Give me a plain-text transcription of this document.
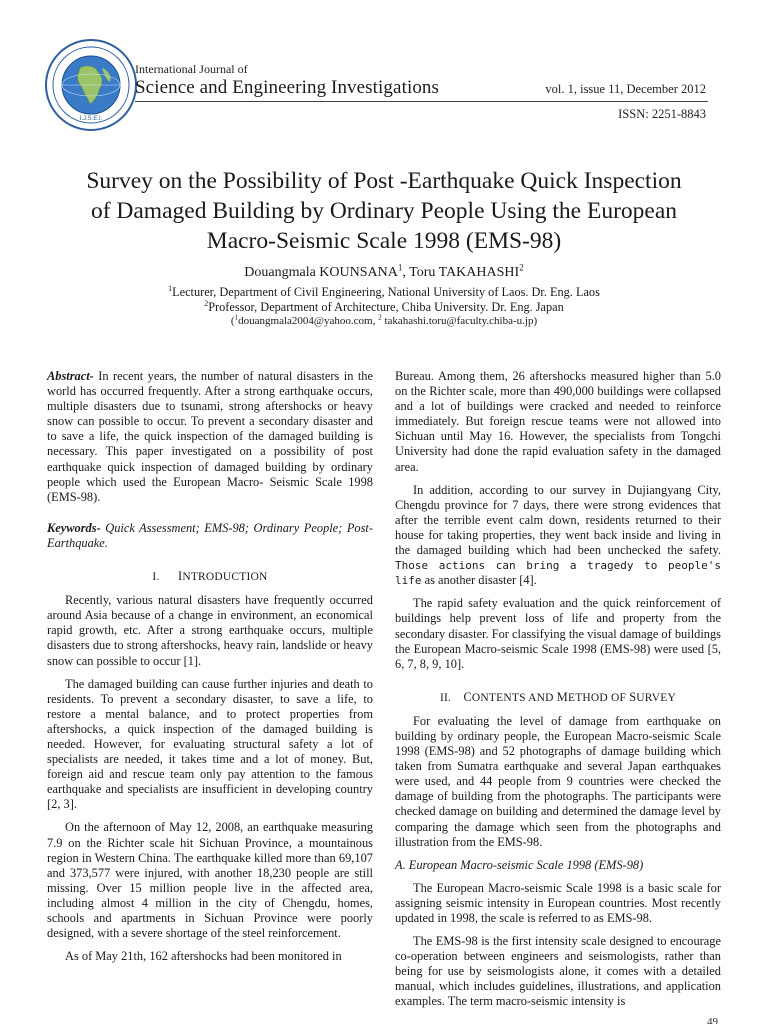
I.J.S.E.I.
International Journal of
Science and Engineering Investigations	vol. 1, issue 11, December 2012
ISSN: 2251-8843
Survey on the Possibility of Post -Earthquake Quick Inspection
of Damaged Building by Ordinary People Using the European
Macro-Seismic Scale 1998 (EMS-98)
Douangmala KOUNSANA$^1$, Toru TAKAHASHI$^2$
$^1$Lecturer, Department of Civil Engineering, National University of Laos. Dr. Eng. Laos
$^2$Professor, Department of Architecture, Chiba University. Dr. Eng. Japan
($^1$douangmala2004@yahoo.com, $^2$ takahashi.toru@faculty.chiba-u.jp)

Abstract- In recent years, the number of natural disasters in the world has occurred frequently. After a strong earthquake occurs, multiple disasters due to tsunami, strong aftershocks or heavy snow can possible to occur. To prevent a secondary disaster and to save a life, the quick inspection of the damaged building is necessary. This paper investigated on a possibility of post earthquake quick inspection of damaged building by ordinary people which used the European Macro- Seismic Scale 1998 (EMS-98).

Keywords- Quick Assessment; EMS-98; Ordinary People; Post-Earthquake.

I. INTRODUCTION

Recently, various natural disasters have frequently occurred around Asia because of a change in environment, an economical rapid growth, etc. After a strong earthquake occurs, multiple disasters due to strong aftershocks, heavy rain, landslide or heavy snow can possible to occur [1].

The damaged building can cause further injuries and death to residents. To prevent a secondary disaster, to save a life, to restore a mental balance, and to protect properties from aftershocks, a quick inspection of the damaged building is needed. However, for evaluating structural safety a lot of specialists are needed, it takes time and a lot of money. But, foreign aid and rescue team only pay attention to the famous earthquake and specialists are insufficient in developing country [2, 3].

On the afternoon of May 12, 2008, an earthquake measuring 7.9 on the Richter scale hit Sichuan Province, a mountainous region in Western China. The earthquake killed more than 69,107 and 373,577 were injured, with another 18,230 people are still missing. Over 15 million people live in the affected area, including almost 4 million in the city of Chengdu, homes, schools and apartments in Sichuan Province were poorly designed, with a severe shortage of the steel reinforcement.

As of May 21th, 162 aftershocks had been monitored in

Bureau. Among them, 26 aftershocks measured higher than 5.0 on the Richter scale, more than 490,000 buildings were collapsed and a lot of buildings were cracked and needed to reinforce immediately. But foreign rescue teams were not allowed into Sichuan until May 16. However, the specialists from Tongchi University had done the rapid evaluation safety in the damaged area.

In addition, according to our survey in Dujiangyang City, Chengdu province for 7 days, there were strong evidences that after the terrible event calm down, residents returned to their house for taking properties, they went back inside and living in the damaged building which had been unchecked the safety. Those actions can bring a tragedy to people's life as another disaster [4].

The rapid safety evaluation and the quick reinforcement of buildings help prevent loss of life and property from the secondary disaster. For classifying the visual damage of buildings the European Macro-seismic Scale 1998 (EMS-98) were used [5, 6, 7, 8, 9, 10].

II. CONTENTS AND METHOD OF SURVEY

For evaluating the level of damage from earthquake on building by ordinary people, the European Macro-seismic Scale 1998 (EMS-98) and 52 photographs of damage building which taken from Sumatra earthquake and several Japan earthquakes were used, and 44 people from 9 countries were checked the damage of building from the photographs. The participants were checked damage on building and determined the damage level by comparing the damage which seen from the photographs and illustration from the EMS-98.

A. European Macro-seismic Scale 1998 (EMS-98)

The European Macro-seismic Scale 1998 is a basic scale for assigning seismic intensity in European countries. Most recently updated in 1998, the scale is referred to as EMS-98.

The EMS-98 is the first intensity scale designed to encourage co-operation between engineers and seismologists, rather than being for use by seismologists alone, it comes with a detailed manual, which includes guidelines, illustrations, and application examples. The term macro-seismic intensity is

49
